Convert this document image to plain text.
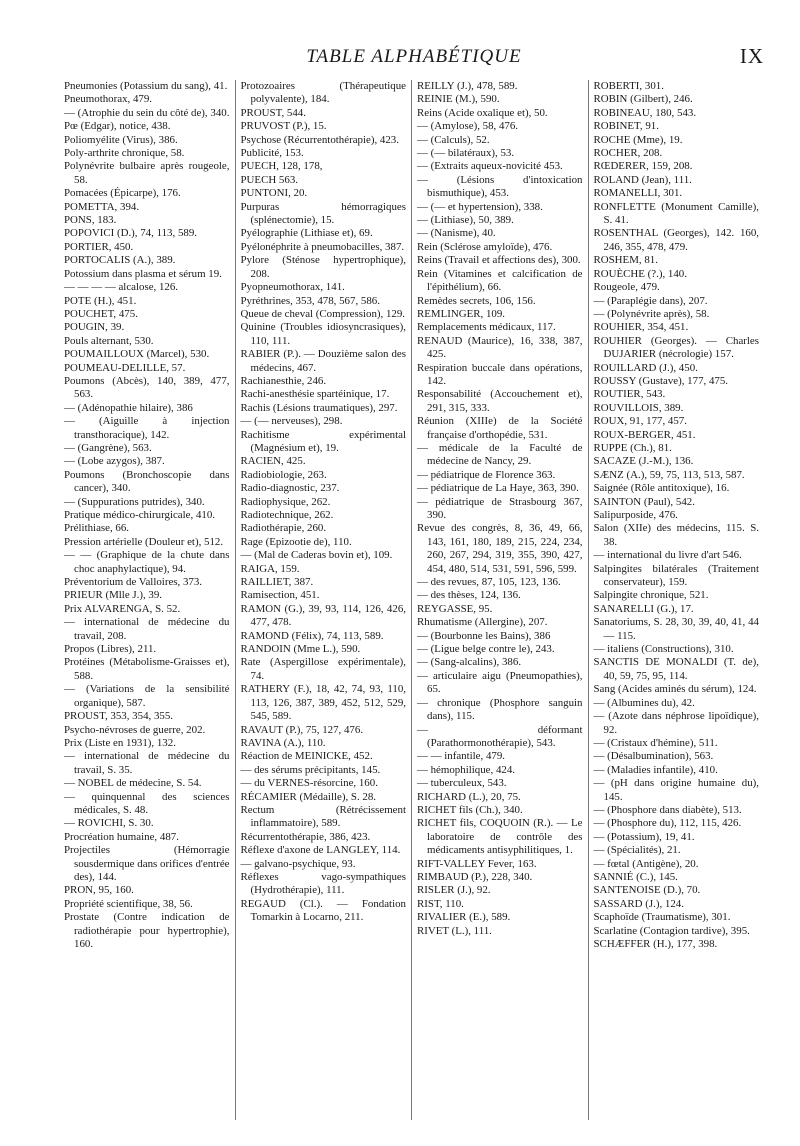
TABLE ALPHABÉTIQUE	IX
Pneumonies (Potassium du sang), 41.
Pneumothorax, 479.
— (Atrophie du sein du côté de), 340.
Pœ (Edgar), notice, 438.
Poliomyélite (Virus), 386.
Poly-arthrite chronique, 58.
Polynévrite bulbaire après rougeole, 58.
Pomacées (Épicarpe), 176.
POMETTA, 394.
PONS, 183.
POPOVICI (D.), 74, 113, 589.
PORTIER, 450.
PORTOCALIS (A.), 389.
Potossium dans plasma et sérum 19.
— — — — alcalose, 126.
POTE (H.), 451.
POUCHET, 475.
POUGIN, 39.
Pouls alternant, 530.
POUMAILLOUX (Marcel), 530.
POUMEAU-DELILLE, 57.
Poumons (Abcès), 140, 389, 477, 563.
— (Adénopathie hilaire), 386
— (Aiguille à injection transthoracique), 142.
— (Gangrène), 563.
— (Lobe azygos), 387.
Poumons (Bronchoscopie dans cancer), 340.
— (Suppurations putrides), 340.
Pratique médico-chirurgicale, 410.
Prélithiase, 66.
Pression artérielle (Douleur et), 512.
— — (Graphique de la chute dans choc anaphylactique), 94.
Préventorium de Valloires, 373.
PRIEUR (Mlle J.), 39.
Prix ALVARENGA, S. 52.
— international de médecine du travail, 208.
Propos (Libres), 211.
Protéines (Métabolisme-Graisses et), 588.
— (Variations de la sensibilité organique), 587.
PROUST, 353, 354, 355.
Psycho-névroses de guerre, 202.
Prix (Liste en 1931), 132.
— international de médecine du travail, S. 35.
— NOBEL de médecine, S. 54.
— quinquennal des sciences médicales, S. 48.
— ROVICHI, S. 30.
Procréation humaine, 487.
Projectiles (Hémorragie sousdermique dans orifices d'entrée des), 144.
PRON, 95, 160.
Propriété scientifique, 38, 56.
Prostate (Contre indication de radiothérapie pour hypertrophie), 160.
Protozoaires (Thérapeutique polyvalente), 184.
PROUST, 544.
PRUVOST (P.), 15.
Psychose (Récurrentothérapie), 423.
Publicité, 153.
PUECH, 128, 178,
PUECH 563.
PUNTONI, 20.
Purpuras hémorragiques (splénectomie), 15.
Pyélographie (Lithiase et), 69.
Pyélonéphrite à pneumobacilles, 387.
Pylore (Sténose hypertrophique), 208.
Pyopneumothorax, 141.
Pyréthrines, 353, 478, 567, 586.
Queue de cheval (Compression), 129.
Quinine (Troubles idiosyncrasiques), 110, 111.
RABIER (P.). — Douzième salon des médecins, 467.
Rachianesthie, 246.
Rachi-anesthésie spartéinique, 17.
Rachis (Lésions traumatiques), 297.
— (— nerveuses), 298.
Rachitisme expérimental (Magnésium et), 19.
RACIEN, 425.
Radiobiologie, 263.
Radio-diagnostic, 237.
Radiophysique, 262.
Radiotechnique, 262.
Radiothérapie, 260.
Rage (Epizootie de), 110.
— (Mal de Caderas bovin et), 109.
RAIGA, 159.
RAILLIET, 387.
Ramisection, 451.
RAMON (G.), 39, 93, 114, 126, 426, 477, 478.
RAMOND (Félix), 74, 113, 589.
RANDOIN (Mme L.), 590.
Rate (Aspergillose expérimentale), 74.
RATHERY (F.), 18, 42, 74, 93, 110, 113, 126, 387, 389, 452, 512, 529, 545, 589.
RAVAUT (P.), 75, 127, 476.
RAVINA (A.), 110.
Réaction de MEINICKE, 452.
— des sérums précipitants, 145.
— du VERNES-résorcine, 160.
RÉCAMIER (Médaille), S. 28.
Rectum (Rétrécissement inflammatoire), 589.
Récurrentothérapie, 386, 423.
Réflexe d'axone de LANGLEY, 114.
— galvano-psychique, 93.
Réflexes vago-sympathiques (Hydrothérapie), 111.
REGAUD (Cl.). — Fondation Tomarkin à Locarno, 211.
REILLY (J.), 478, 589.
REINIE (M.), 590.
Reins (Acide oxalique et), 50.
— (Amylose), 58, 476.
— (Calculs), 52.
— (— bilatéraux), 53.
— (Extraits aqueux-novicité 453.
— (Lésions d'intoxication bismuthique), 453.
— (— et hypertension), 338.
— (Lithiase), 50, 389.
— (Nanisme), 40.
Rein (Sclérose amyloïde), 476.
Reins (Travail et affections des), 300.
Rein (Vitamines et calcification de l'épithélium), 66.
Remèdes secrets, 106, 156.
REMLINGER, 109.
Remplacements médicaux, 117.
RENAUD (Maurice), 16, 338, 387, 425.
Respiration buccale dans opérations, 142.
Responsabilité (Accouchement et), 291, 315, 333.
Réunion (XIIIe) de la Société française d'orthopédie, 531.
— médicale de la Faculté de médecine de Nancy, 29.
— pédiatrique de Florence 363.
— pédiatrique de La Haye, 363, 390.
— pédiatrique de Strasbourg 367, 390.
Revue des congrès, 8, 36, 49, 66, 143, 161, 180, 189, 215, 224, 234, 260, 267, 294, 319, 355, 390, 427, 454, 480, 514, 531, 591, 596, 599.
— des revues, 87, 105, 123, 136.
— des thèses, 124, 136.
REYGASSE, 95.
Rhumatisme (Allergine), 207.
— (Bourbonne les Bains), 386
— (Ligue belge contre le), 243.
— (Sang-alcalins), 386.
— articulaire aigu (Pneumopathies), 65.
— chronique (Phosphore sanguin dans), 115.
— déformant (Parathormonothérapie), 543.
— — infantile, 479.
— hémophilique, 424.
— tuberculeux, 543.
RICHARD (L.), 20, 75.
RICHET fils (Ch.), 340.
RICHET fils, COQUOIN (R.). — Le laboratoire de contrôle des médicaments antisyphilitiques, 1.
RIFT-VALLEY Fever, 163.
RIMBAUD (P.), 228, 340.
RISLER (J.), 92.
RIST, 110.
RIVALIER (E.), 589.
RIVET (L.), 111.
ROBERTI, 301.
ROBIN (Gilbert), 246.
ROBINEAU, 180, 543.
ROBINET, 91.
ROCHE (Mme), 19.
ROCHER, 208.
RŒDERER, 159, 208.
ROLAND (Jean), 111.
ROMANELLI, 301.
RONFLETTE (Monument Camille), S. 41.
ROSENTHAL (Georges), 142. 160, 246, 355, 478, 479.
ROSHEM, 81.
ROUÈCHE (?.), 140.
Rougeole, 479.
— (Paraplégie dans), 207.
— (Polynévrite après), 58.
ROUHIER, 354, 451.
ROUHIER (Georges). — Charles DUJARIER (nécrologie) 157.
ROUILLARD (J.), 450.
ROUSSY (Gustave), 177, 475.
ROUTIER, 543.
ROUVILLOIS, 389.
ROUX, 91, 177, 457.
ROUX-BERGER, 451.
RUPPE (Ch.), 81.
SACAZE (J.-M.), 136.
SÆNZ (A.), 59, 75, 113, 513, 587.
Saignée (Rôle antitoxique), 16.
SAINTON (Paul), 542.
Salipurposide, 476.
Salon (XIIe) des médecins, 115. S. 38.
— international du livre d'art 546.
Salpingites bilatérales (Traitement conservateur), 159.
Salpingite chronique, 521.
SANARELLI (G.), 17.
Sanatoriums, S. 28, 30, 39, 40, 41, 44 — 115.
— italiens (Constructions), 310.
SANCTIS DE MONALDI (T. de), 40, 59, 75, 95, 114.
Sang (Acides aminés du sérum), 124.
— (Albumines du), 42.
— (Azote dans néphrose lipoïdique), 92.
— (Cristaux d'hémine), 511.
— (Désalbumination), 563.
— (Maladies infantile), 410.
— (pH dans origine humaine du), 145.
— (Phosphore dans diabète), 513.
— (Phosphore du), 112, 115, 426.
— (Potassium), 19, 41.
— (Spécialités), 21.
— fœtal (Antigène), 20.
SANNIÉ (C.), 145.
SANTENOISE (D.), 70.
SASSARD (J.), 124.
Scaphoïde (Traumatisme), 301.
Scarlatine (Contagion tardive), 395.
SCHÆFFER (H.), 177, 398.
